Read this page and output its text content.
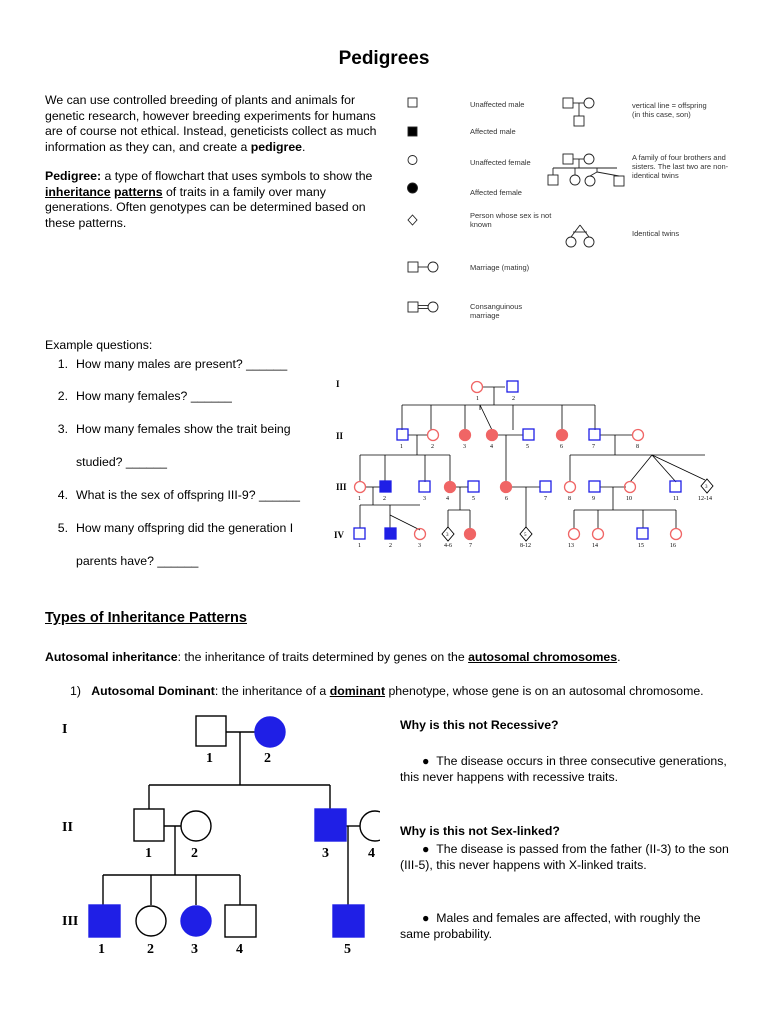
Pedigrees

We can use controlled breeding of plants and animals for genetic research, however breeding experiments for humans are of course not ethical. Instead, geneticists collect as much information as they can, and create a pedigree.

Pedigree: a type of flowchart that uses symbols to show the inheritance patterns of traits in a family over many generations. Often genotypes can be determined based on these patterns.

Unaffected male
Affected male
Unaffected female
Affected female
Person whose sex is not known
Marriage (mating)
Consanguinous marriage
vertical line = offspring (in this case, son)
A family of four brothers and sisters. The last two are non-identical twins
Identical twins
Example questions:
1. How many males are present? ______
2. How many females? ______
3. How many females show the trait being
studied? ______
4. What is the sex of offspring III-9? ______
5. How many offspring did the generation I
parents have? ______
I
II
III
IV
1	2
1	2	3	4	5	6	7	8
1	2	3	4	5	6	7	8	9	10	11	12-14
3
1	2	3	4-6	7	8-12	13	14	15	16
3	5
Types of Inheritance Patterns
Autosomal inheritance: the inheritance of traits determined by genes on the autosomal chromosomes.
1) Autosomal Dominant: the inheritance of a dominant phenotype, whose gene is on an autosomal chromosome.
I
II
III
1	2
1	2	3	4
1	2	3	4	5
Why is this not Recessive?
●  The disease occurs in three consecutive generations, this never happens with recessive traits.
Why is this not Sex-linked?
●  The disease is passed from the father (II-3) to the son (III-5), this never happens with X-linked traits.
●  Males and females are affected, with roughly the same probability.
